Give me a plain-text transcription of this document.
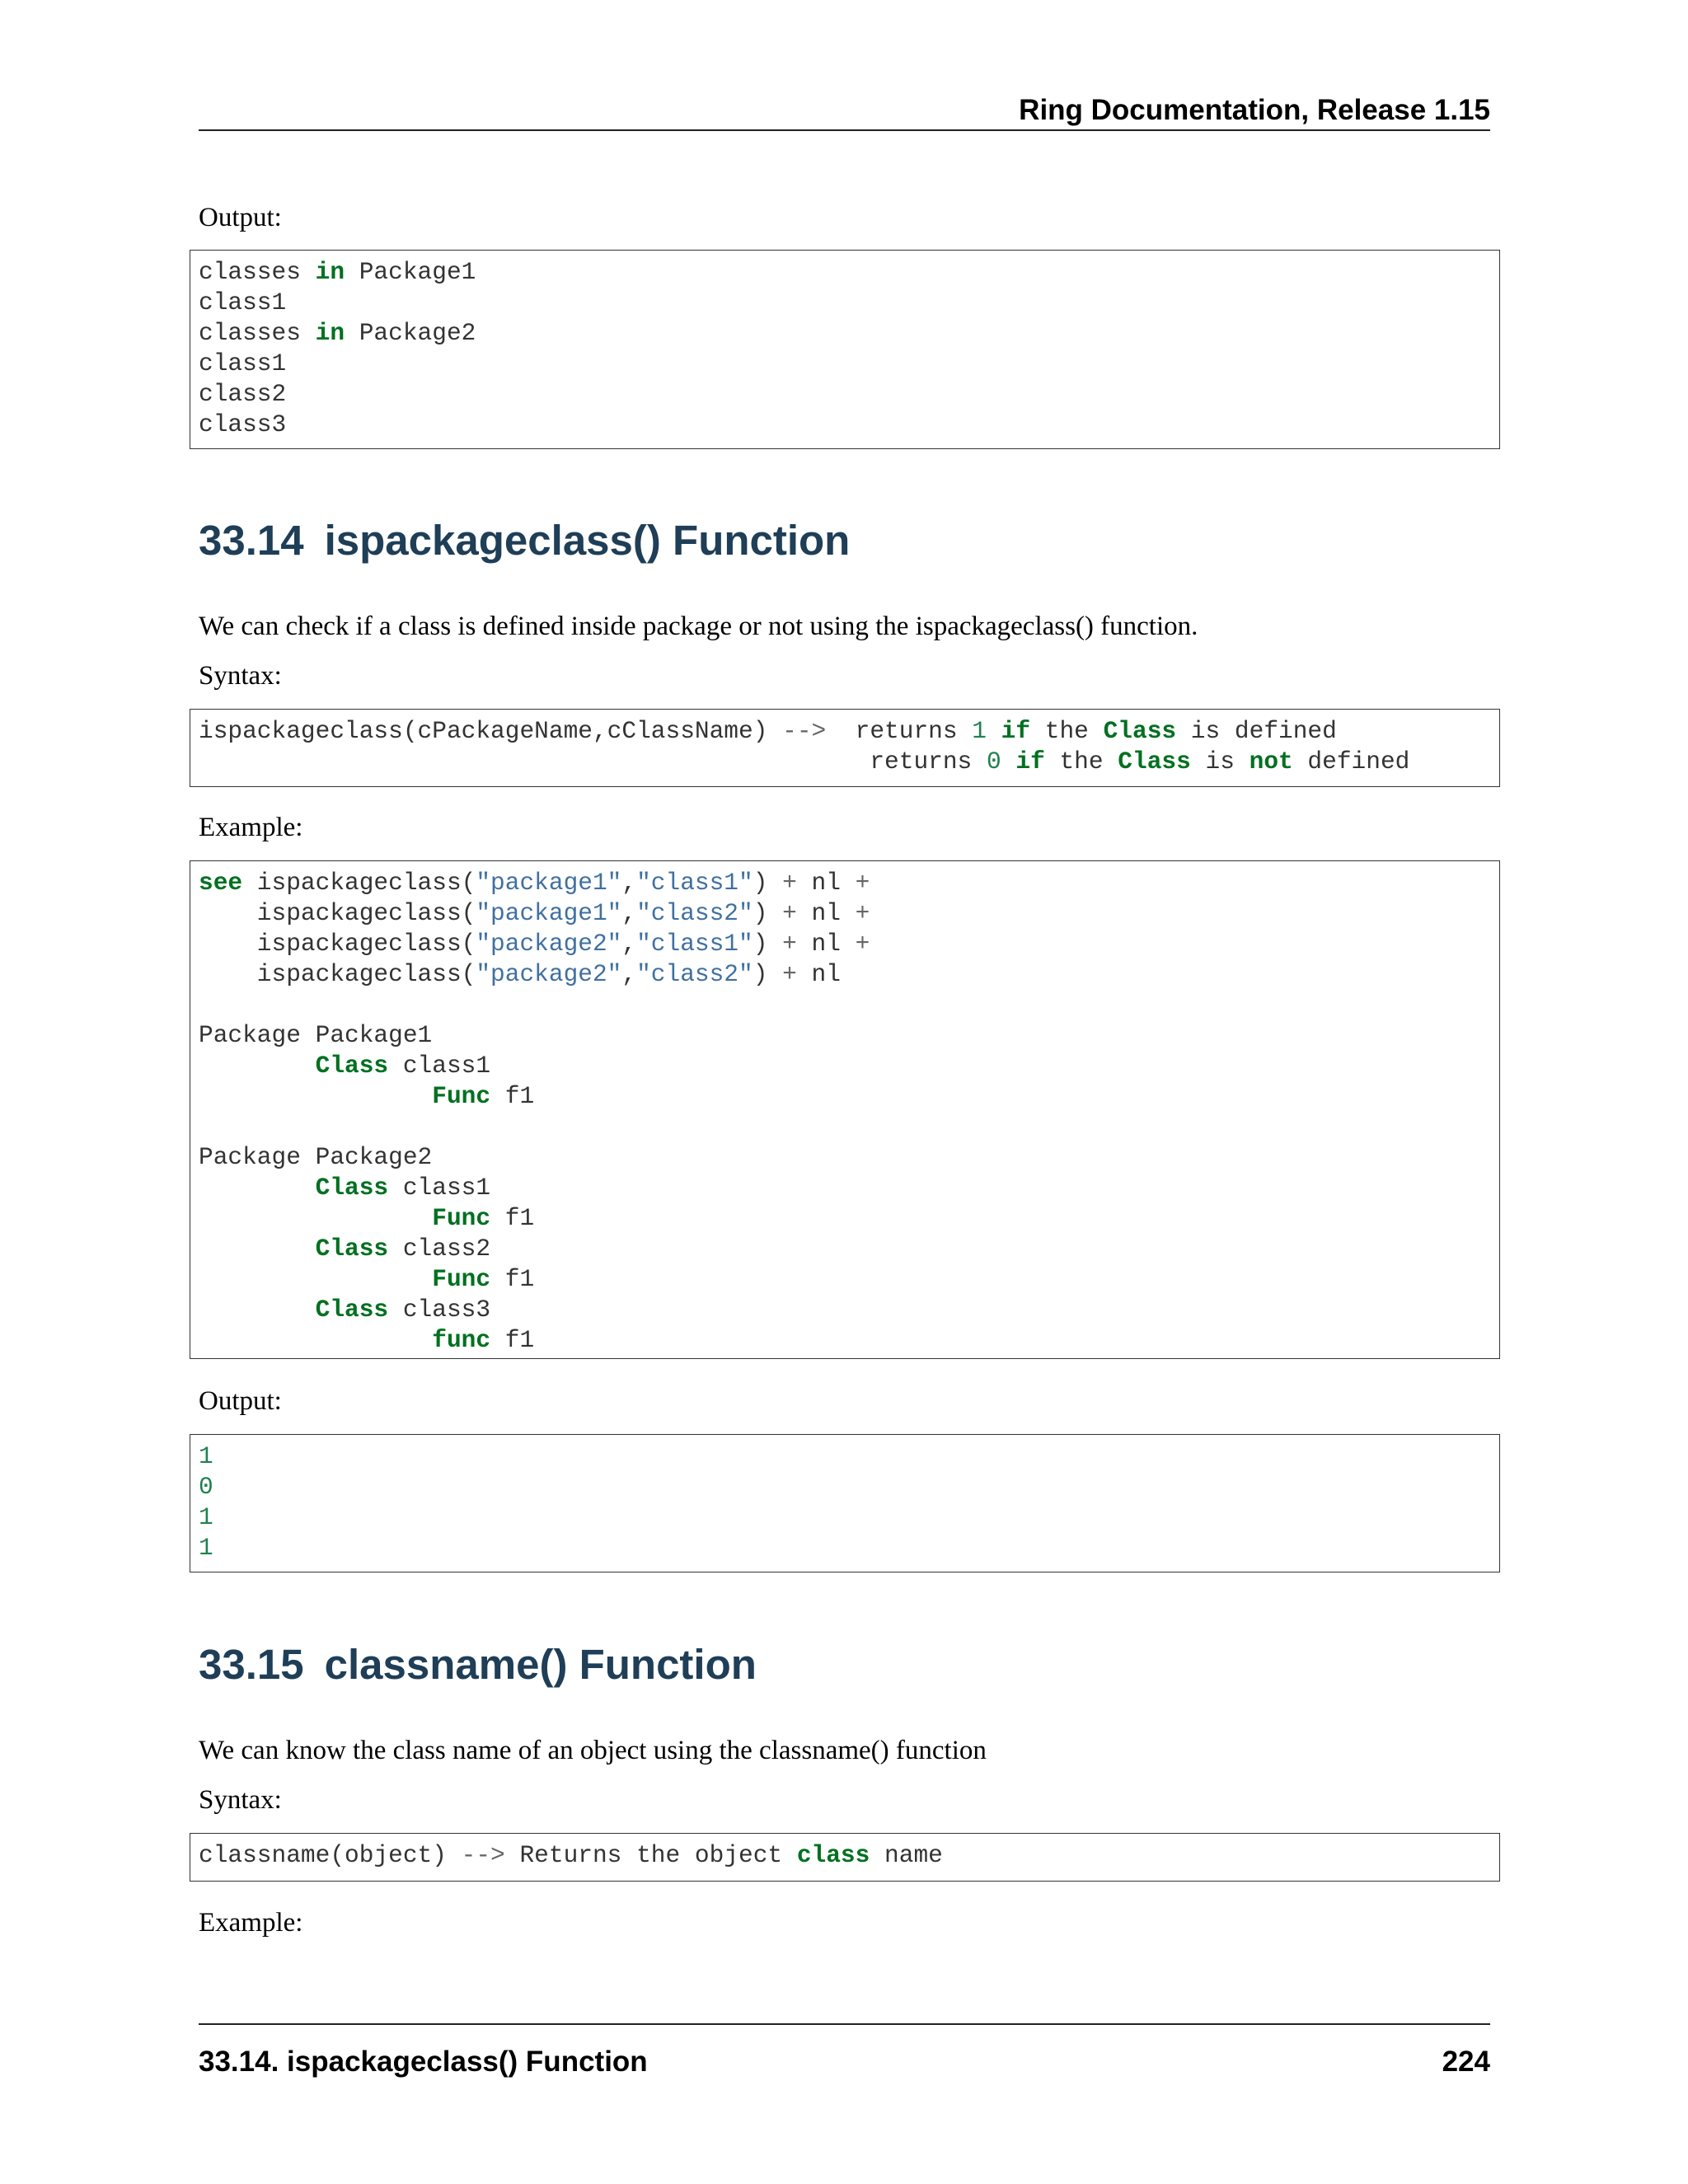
Ring Documentation, Release 1.15
Output:
classes in Package1
class1
classes in Package2
class1
class2
class3
33.14 ispackageclass() Function
We can check if a class is defined inside package or not using the ispackageclass() function.
Syntax:
ispackageclass(cPackageName,cClassName) -->  returns 1 if the Class is defined
returns 0 if the Class is not defined
Example:
see ispackageclass("package1","class1") + nl +
ispackageclass("package1","class2") + nl +
ispackageclass("package2","class1") + nl +
ispackageclass("package2","class2") + nl

Package Package1
Class class1
Func f1

Package Package2
Class class1
Func f1
Class class2
Func f1
Class class3
func f1
Output:
1
0
1
1
33.15 classname() Function
We can know the class name of an object using the classname() function
Syntax:
classname(object) --> Returns the object class name
Example:
33.14. ispackageclass() Function	224
